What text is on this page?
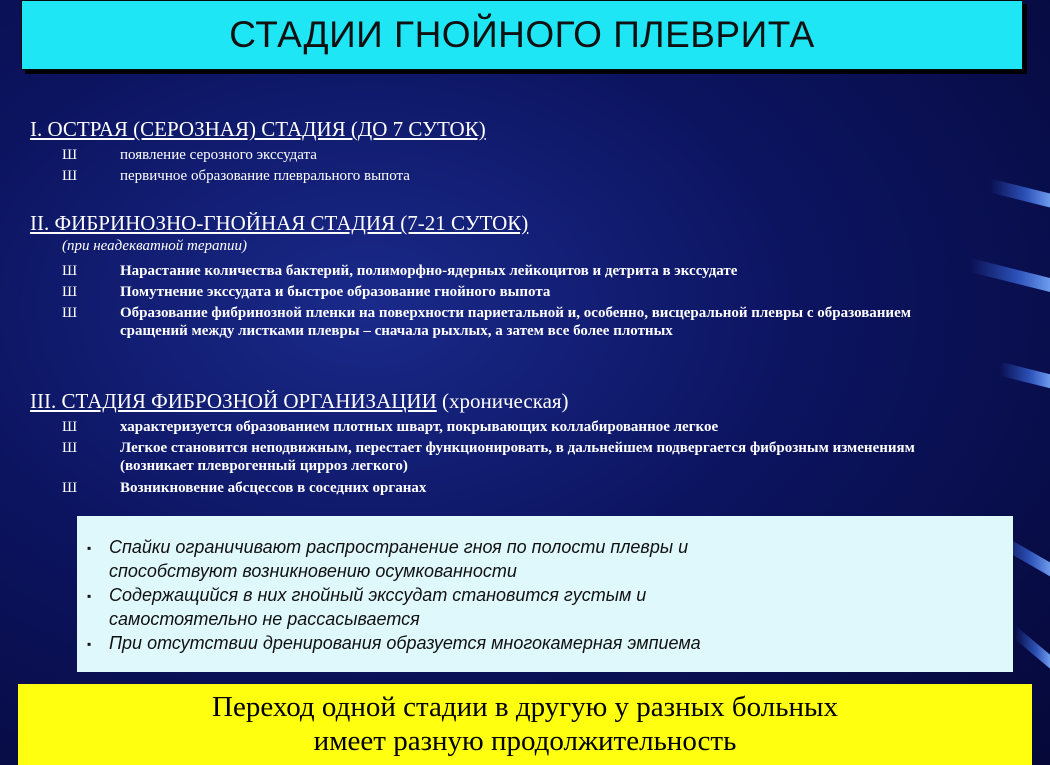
СТАДИИ ГНОЙНОГО ПЛЕВРИТА
I. ОСТРАЯ (СЕРОЗНАЯ) СТАДИЯ (ДО 7 СУТОК)
Ш	появление серозного экссудата
Ш	первичное образование плеврального выпота
II. ФИБРИНОЗНО-ГНОЙНАЯ СТАДИЯ (7-21 СУТОК)
(при неадекватной терапии)
Ш	Нарастание количества бактерий, полиморфно-ядерных лейкоцитов и детрита в экссудате
Ш	Помутнение экссудата и быстрое образование гнойного выпота
Ш	Образование фибринозной пленки на поверхности париетальной и, особенно, висцеральной плевры с образованием сращений между листками плевры – сначала рыхлых, а затем все более плотных
III. СТАДИЯ ФИБРОЗНОЙ ОРГАНИЗАЦИИ (хроническая)
Ш	характеризуется образованием плотных шварт, покрывающих коллабированное легкое
Ш	Легкое становится неподвижным, перестает функционировать, в дальнейшем подвергается фиброзным изменениям (возникает плеврогенный цирроз легкого)
Ш	Возникновение абсцессов в соседних органах
▪ Спайки ограничивают распространение гноя по полости плевры и способствуют возникновению осумкованности
▪ Содержащийся в них гнойный экссудат становится густым и самостоятельно не рассасывается
▪ При отсутствии дренирования образуется многокамерная эмпиема
Переход одной стадии в другую у разных больных
имеет разную продолжительность
